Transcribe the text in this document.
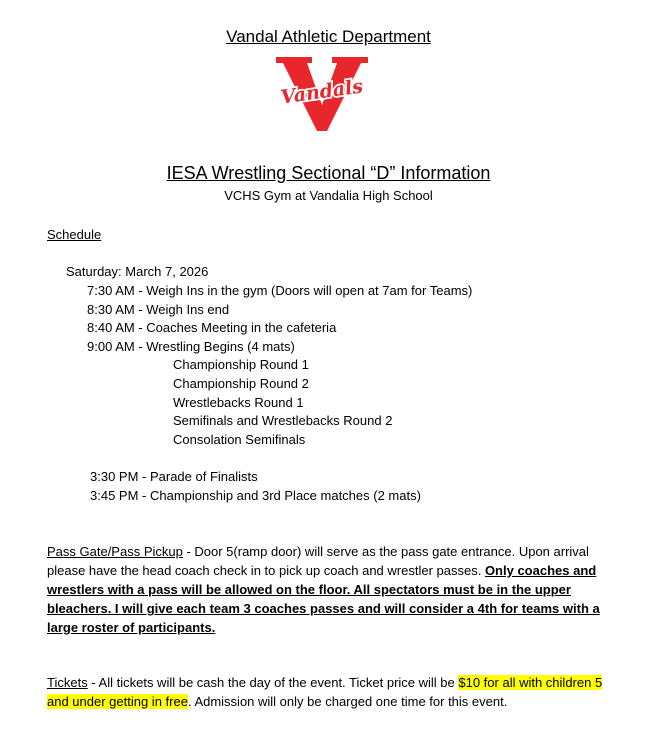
Vandal Athletic Department
Vandals
IESA Wrestling Sectional “D” Information
VCHS Gym at Vandalia High School
Schedule
Saturday: March 7, 2026
7:30 AM - Weigh Ins in the gym (Doors will open at 7am for Teams)
8:30 AM - Weigh Ins end
8:40 AM - Coaches Meeting in the cafeteria
9:00 AM - Wrestling Begins (4 mats)
Championship Round 1
Championship Round 2
Wrestlebacks Round 1
Semifinals and Wrestlebacks Round 2
Consolation Semifinals
3:30 PM - Parade of Finalists
3:45 PM - Championship and 3rd Place matches (2 mats)
Pass Gate/Pass Pickup - Door 5(ramp door) will serve as the pass gate entrance. Upon arrival please have the head coach check in to pick up coach and wrestler passes. Only coaches and wrestlers with a pass will be allowed on the floor. All spectators must be in the upper bleachers. I will give each team 3 coaches passes and will consider a 4th for teams with a large roster of participants.
Tickets - All tickets will be cash the day of the event. Ticket price will be $10 for all with children 5 and under getting in free. Admission will only be charged one time for this event.
